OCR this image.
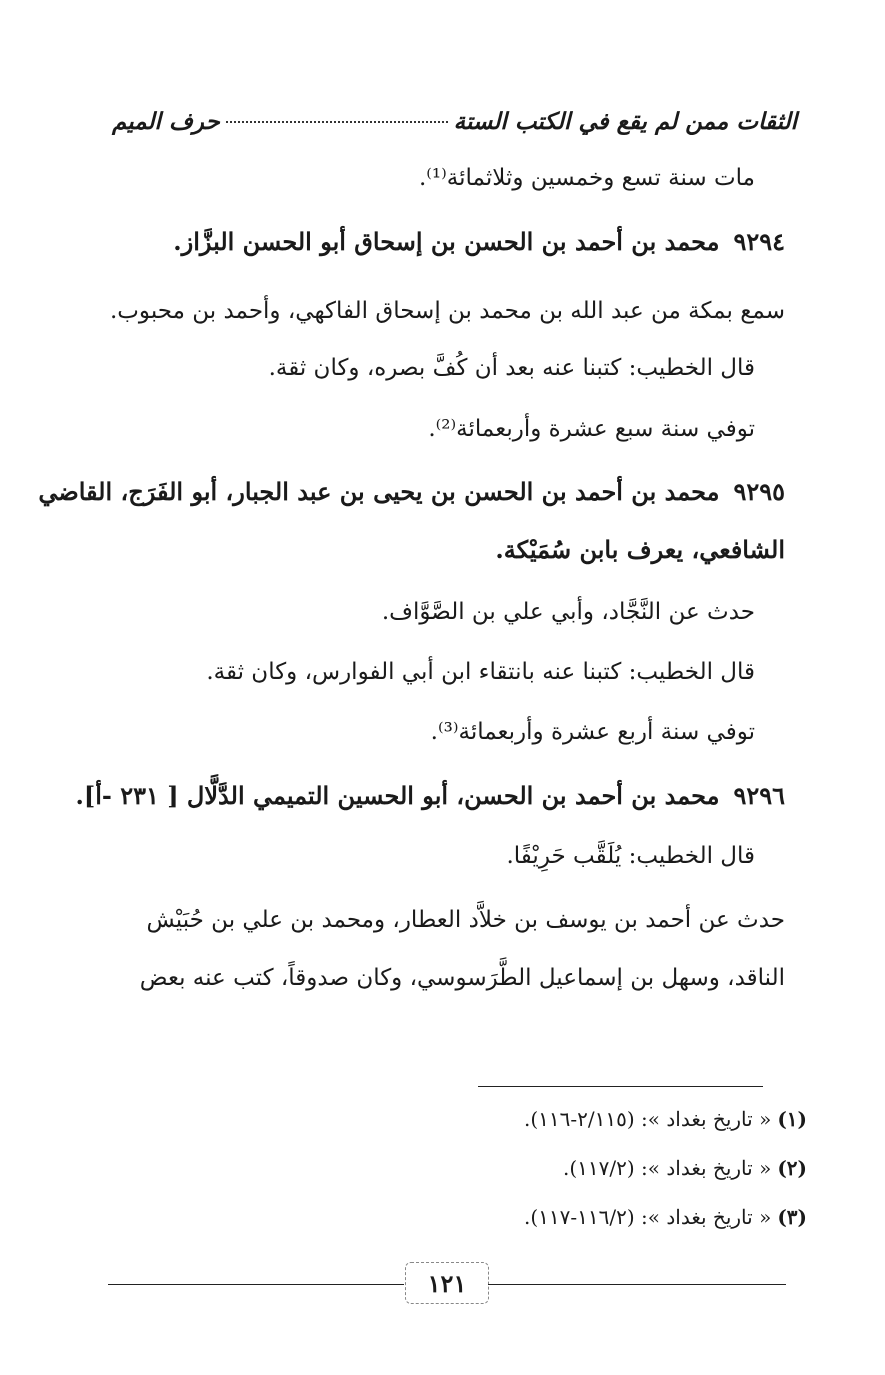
حرف الميم	الثقات ممن لم يقع في الكتب الستة
مات سنة تسع وخمسين وثلاثمائة⁽¹⁾.
٩٢٩٤محمد بن أحمد بن الحسن بن إسحاق أبو الحسن البزَّاز.
سمع بمكة من عبد الله بن محمد بن إسحاق الفاكهي، وأحمد بن محبوب.
قال الخطيب: كتبنا عنه بعد أن كُفَّ بصره، وكان ثقة.
توفي سنة سبع عشرة وأربعمائة⁽²⁾.
٩٢٩٥محمد بن أحمد بن الحسن بن يحيى بن عبد الجبار، أبو الفَرَج، القاضي
الشافعي، يعرف بابن سُمَيْكة.
حدث عن النَّجَّاد، وأبي علي بن الصَّوَّاف.
قال الخطيب: كتبنا عنه بانتقاء ابن أبي الفوارس، وكان ثقة.
توفي سنة أربع عشرة وأربعمائة⁽³⁾.
٩٢٩٦محمد بن أحمد بن الحسن، أبو الحسين التميمي الدَّلَّال [ ٢٣١ -أ].
قال الخطيب: يُلَقَّب حَرِيْفًا.
حدث عن أحمد بن يوسف بن خلاَّد العطار، ومحمد بن علي بن حُبَيْش
الناقد، وسهل بن إسماعيل الطَّرَسوسي، وكان صدوقاً، كتب عنه بعض
(١)« تاريخ بغداد »: (٢/١١٥-١١٦).
(٢)« تاريخ بغداد »: (١١٧/٢).
(٣)« تاريخ بغداد »: (١١٦/٢-١١٧).
١٢١
